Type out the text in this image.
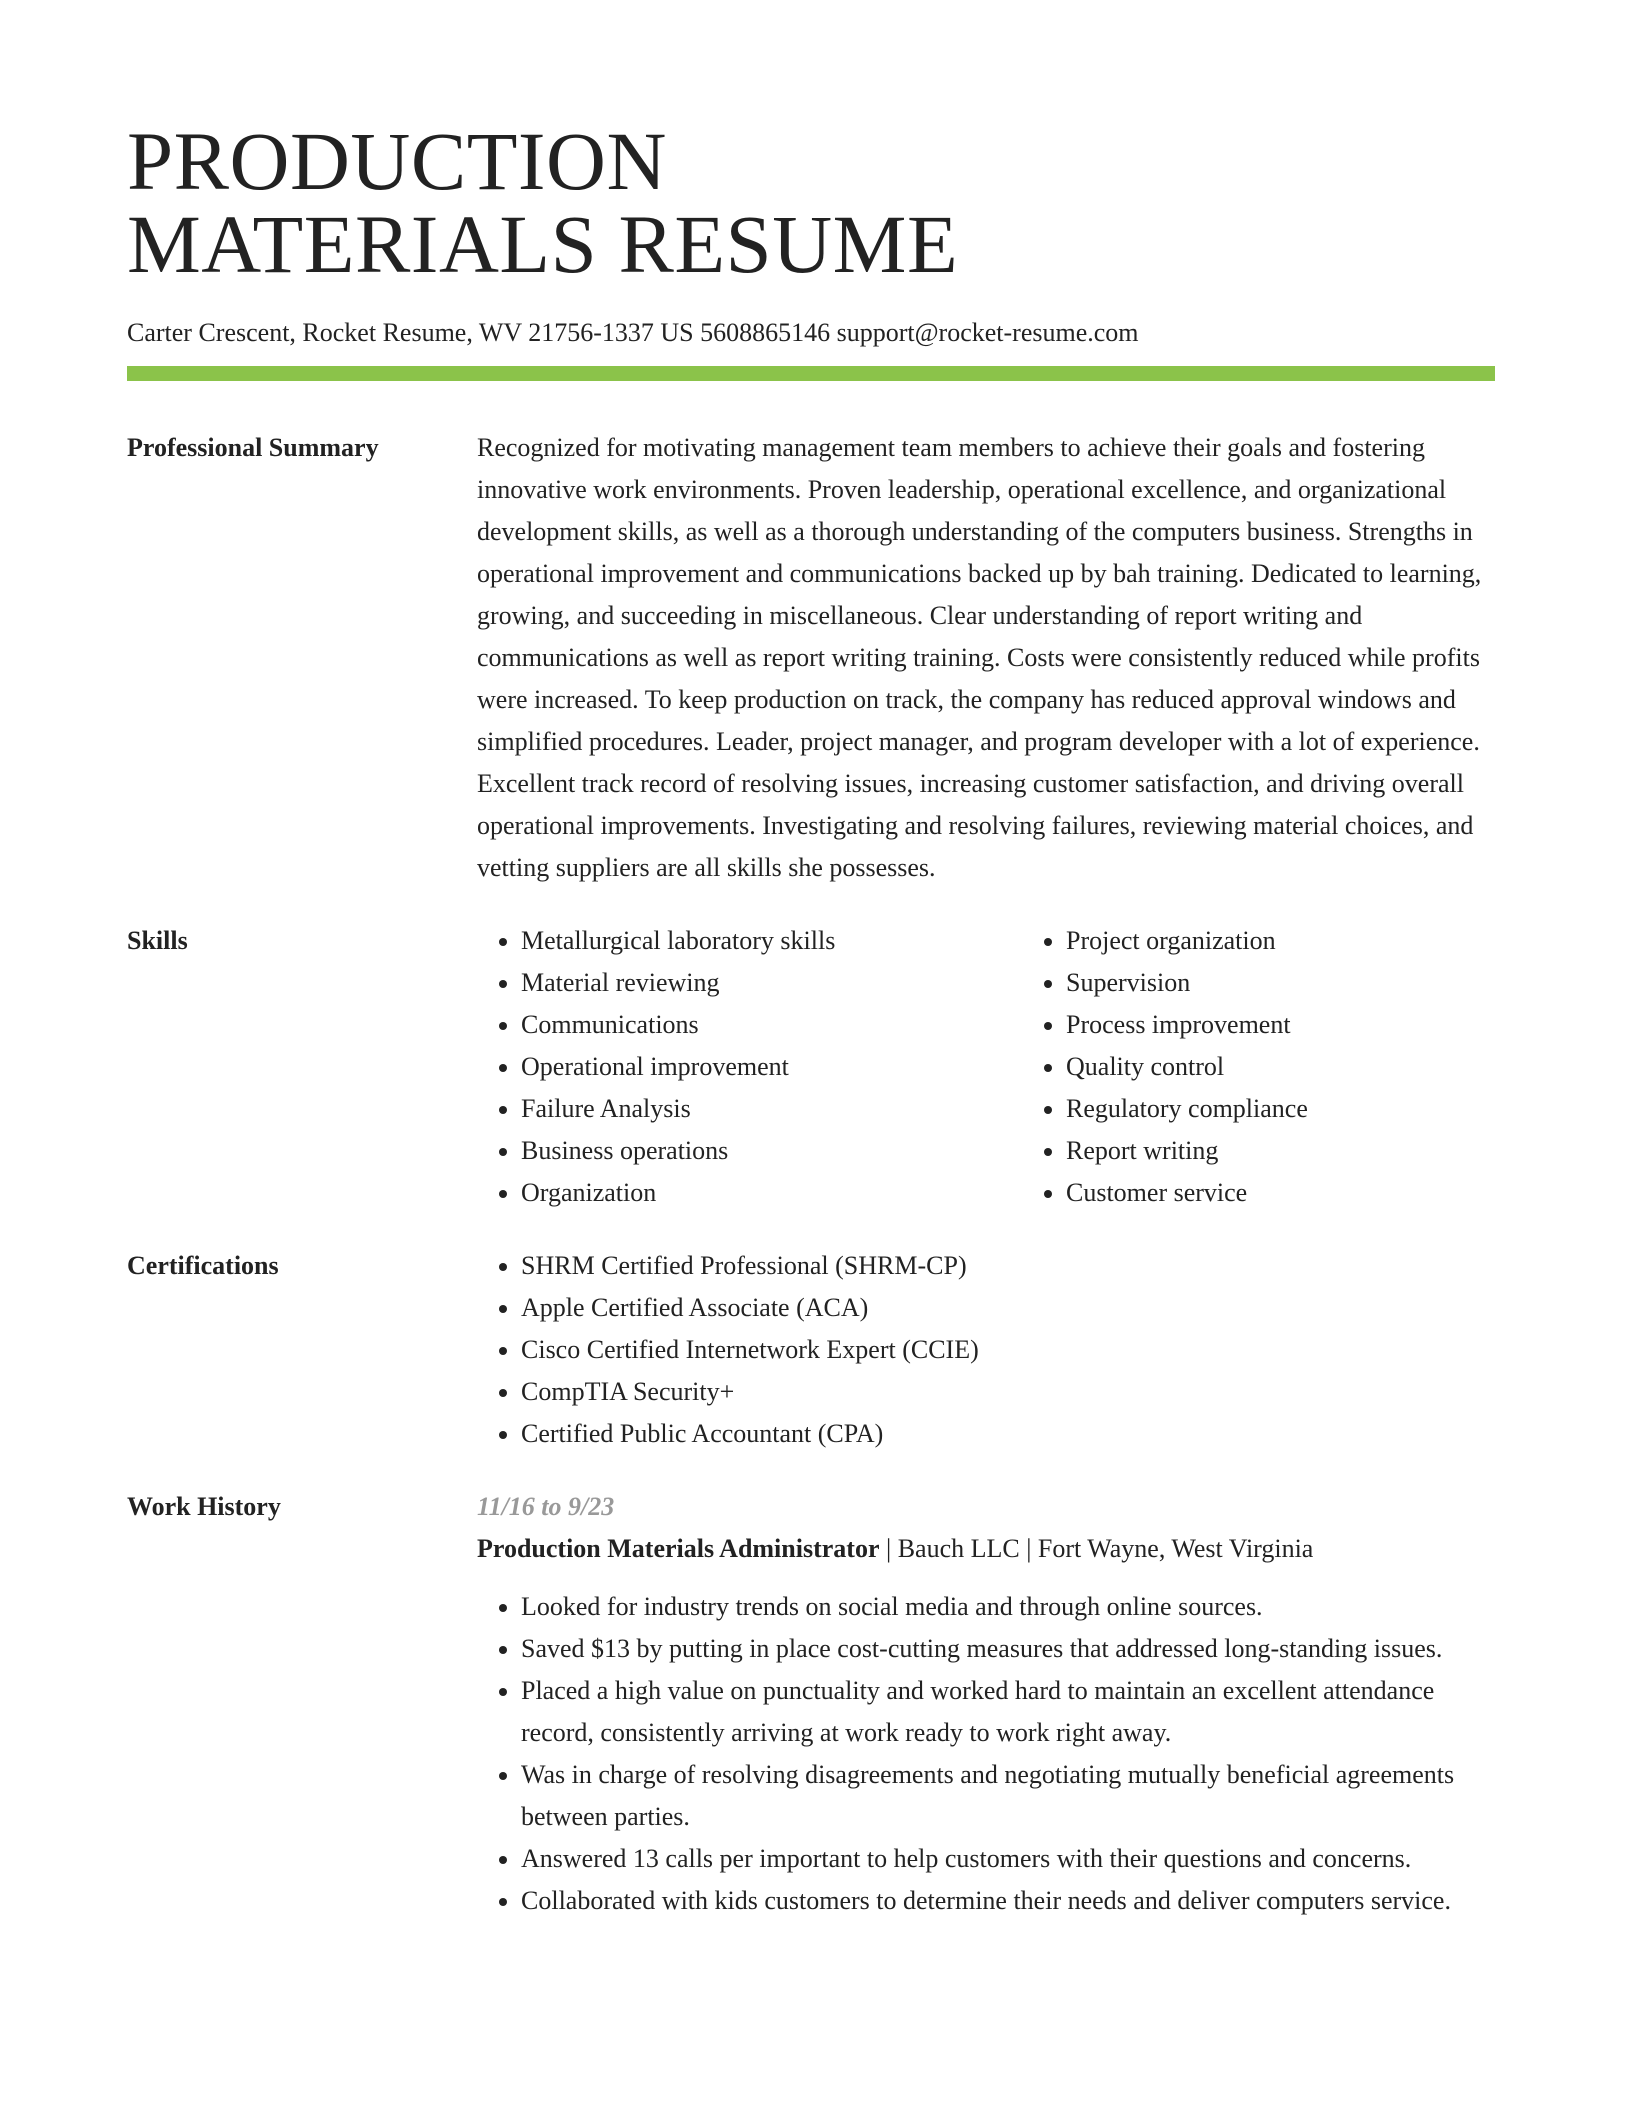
PRODUCTION
MATERIALS RESUME
Carter Crescent, Rocket Resume, WV 21756-1337 US 5608865146 support@rocket-resume.com
Professional Summary	Recognized for motivating management team members to achieve their goals and fostering innovative work environments. Proven leadership, operational excellence, and organizational development skills, as well as a thorough understanding of the computers business. Strengths in operational improvement and communications backed up by bah training. Dedicated to learning, growing, and succeeding in miscellaneous. Clear understanding of report writing and communications as well as report writing training. Costs were consistently reduced while profits were increased. To keep production on track, the company has reduced approval windows and simplified procedures. Leader, project manager, and program developer with a lot of experience. Excellent track record of resolving issues, increasing customer satisfaction, and driving overall operational improvements. Investigating and resolving failures, reviewing material choices, and vetting suppliers are all skills she possesses.

Skills	• Metallurgical laboratory skills
• Material reviewing
• Communications
• Operational improvement
• Failure Analysis
• Business operations
• Organization
• Project organization
• Supervision
• Process improvement
• Quality control
• Regulatory compliance
• Report writing
• Customer service
Certifications	• SHRM Certified Professional (SHRM-CP)
• Apple Certified Associate (ACA)
• Cisco Certified Internetwork Expert (CCIE)
• CompTIA Security+
• Certified Public Accountant (CPA)
Work History	11/16 to 9/23
Production Materials Administrator | Bauch LLC | Fort Wayne, West Virginia
• Looked for industry trends on social media and through online sources.
• Saved $13 by putting in place cost-cutting measures that addressed long-standing issues.
• Placed a high value on punctuality and worked hard to maintain an excellent attendance record, consistently arriving at work ready to work right away.
• Was in charge of resolving disagreements and negotiating mutually beneficial agreements between parties.
• Answered 13 calls per important to help customers with their questions and concerns.
• Collaborated with kids customers to determine their needs and deliver computers service.
